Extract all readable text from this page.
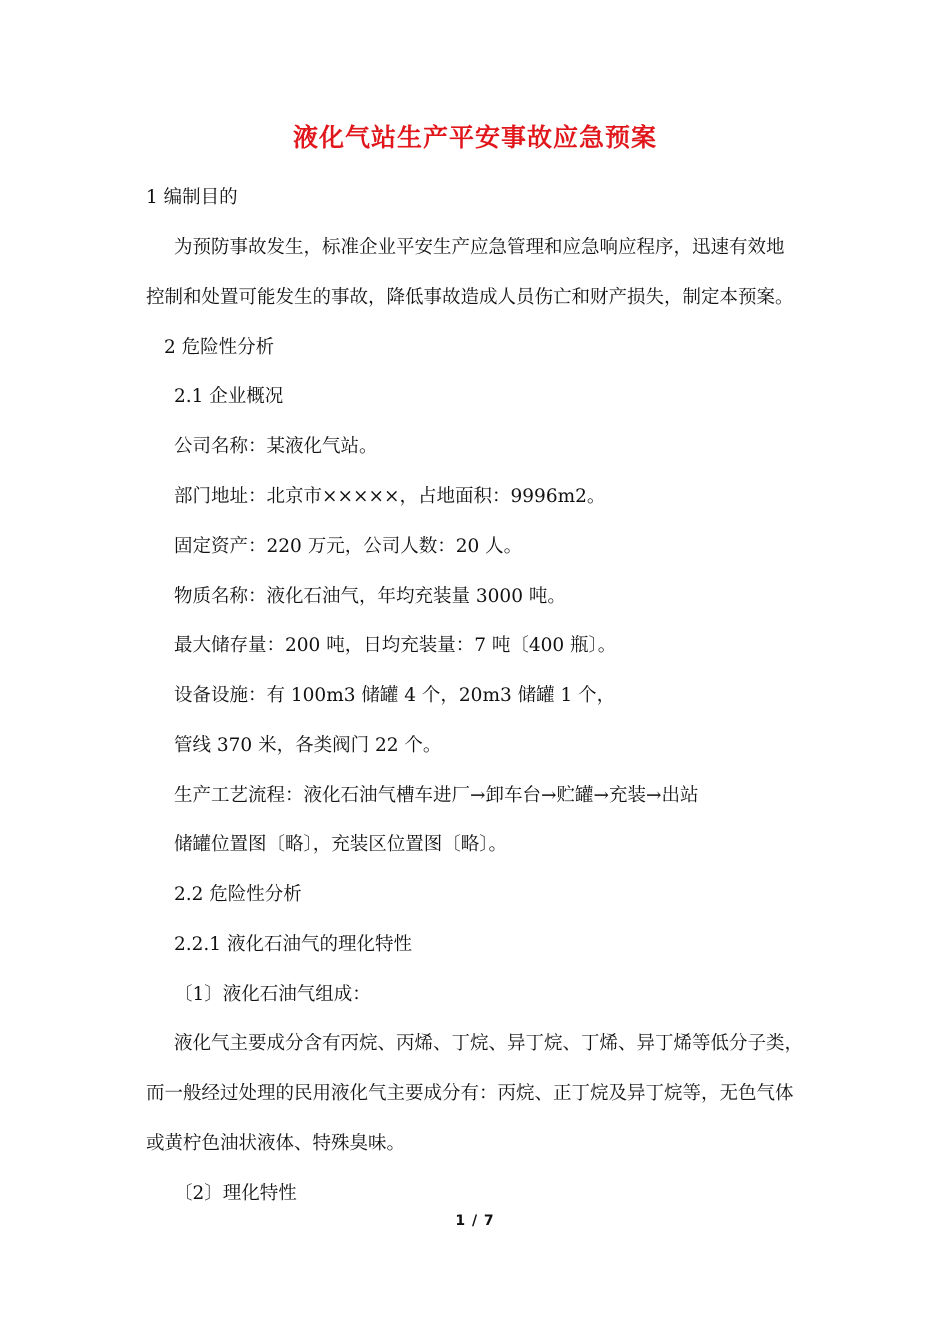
液化气站生产平安事故应急预案
1 编制目的
为预防事故发生，标准企业平安生产应急管理和应急响应程序，迅速有效地
控制和处置可能发生的事故，降低事故造成人员伤亡和财产损失，制定本预案。
2 危险性分析
2.1 企业概况
公司名称：某液化气站。
部门地址：北京市×××××，占地面积：9996m2。
固定资产：220 万元，公司人数：20 人。
物质名称：液化石油气，年均充装量 3000 吨。
最大储存量：200 吨，日均充装量：7 吨〔400 瓶〕。
设备设施：有 100m3 储罐 4 个，20m3 储罐 1 个，
管线 370 米，各类阀门 22 个。
生产工艺流程：液化石油气槽车进厂→卸车台→贮罐→充装→出站
储罐位置图〔略〕，充装区位置图〔略〕。
2.2 危险性分析
2.2.1 液化石油气的理化特性
〔1〕液化石油气组成：
液化气主要成分含有丙烷、丙烯、丁烷、异丁烷、丁烯、异丁烯等低分子类，
而一般经过处理的民用液化气主要成分有：丙烷、正丁烷及异丁烷等，无色气体
或黄柠色油状液体、特殊臭味。
〔2〕理化特性
1 / 7
